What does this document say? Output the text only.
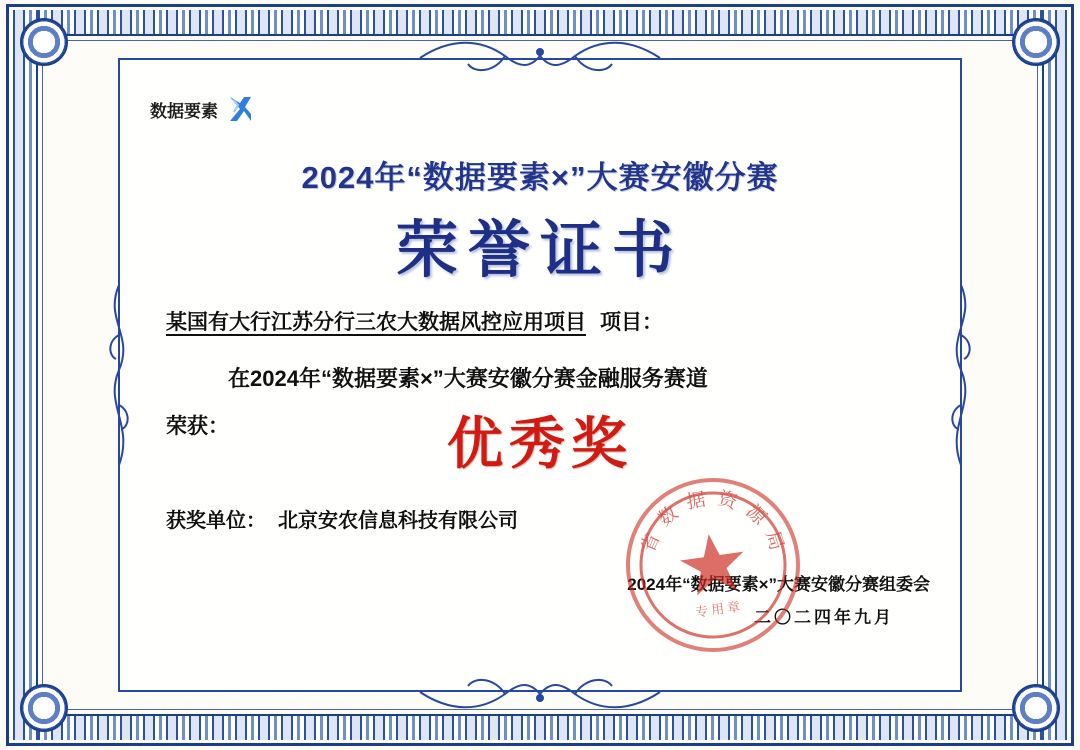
数据要素
2024年“数据要素×”大赛安徽分赛
荣誉证书
某国有大行江苏分行三农大数据风控应用项目 项目：
在2024年“数据要素×”大赛安徽分赛金融服务赛道
荣获：	优秀奖
获奖单位： 北京安农信息科技有限公司
2024年“数据要素×”大赛安徽分赛组委会
二〇二四年九月
省数据资源局
专用章
